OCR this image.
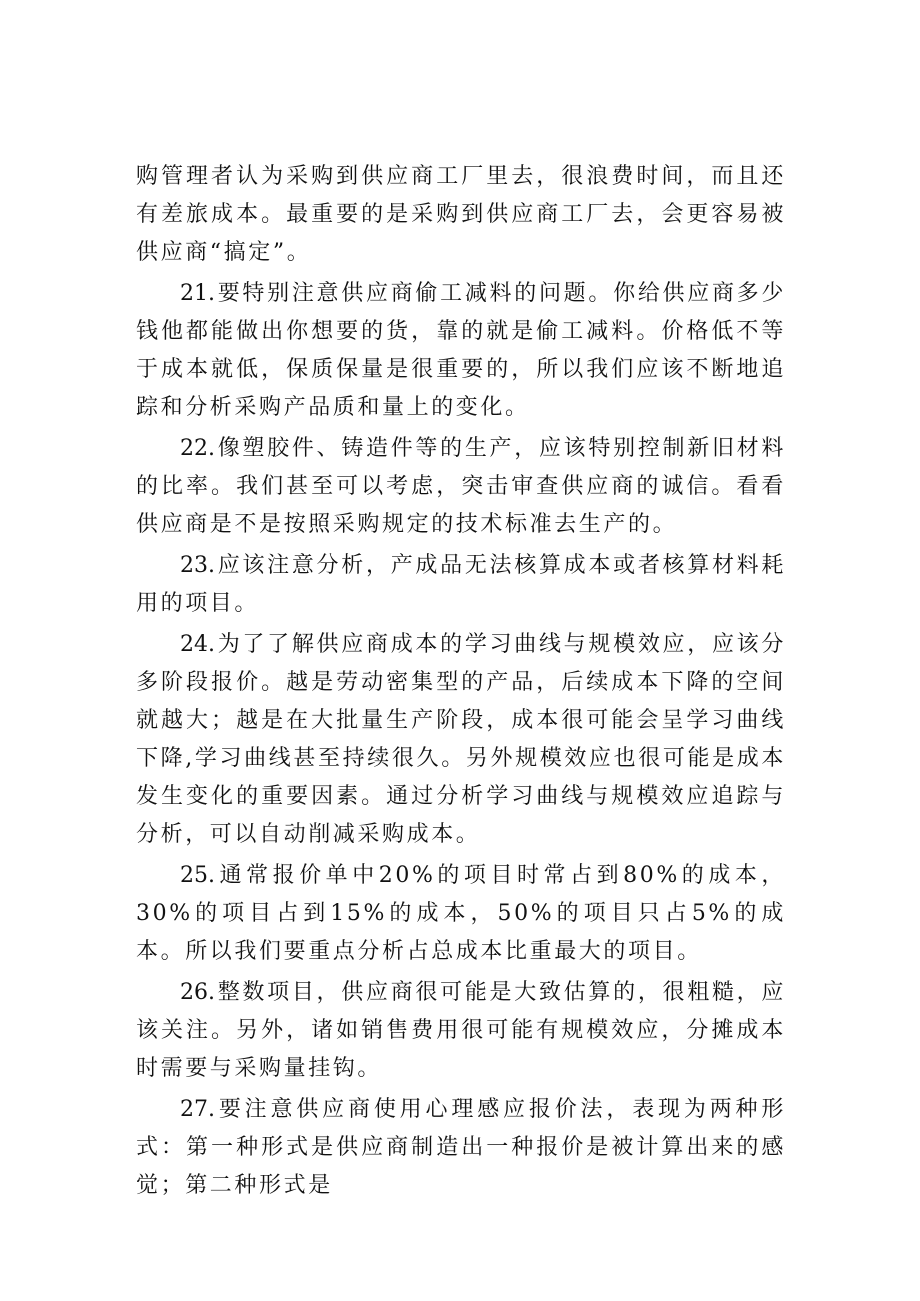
购管理者认为采购到供应商工厂里去，很浪费时间，而且还有差旅成本。最重要的是采购到供应商工厂去，会更容易被供应商“搞定”。

21.要特别注意供应商偷工减料的问题。你给供应商多少钱他都能做出你想要的货，靠的就是偷工减料。价格低不等于成本就低，保质保量是很重要的，所以我们应该不断地追踪和分析采购产品质和量上的变化。

22.像塑胶件、铸造件等的生产，应该特别控制新旧材料的比率。我们甚至可以考虑，突击审查供应商的诚信。看看供应商是不是按照采购规定的技术标准去生产的。

23.应该注意分析，产成品无法核算成本或者核算材料耗用的项目。

24.为了了解供应商成本的学习曲线与规模效应，应该分多阶段报价。越是劳动密集型的产品，后续成本下降的空间就越大；越是在大批量生产阶段，成本很可能会呈学习曲线下降,学习曲线甚至持续很久。另外规模效应也很可能是成本发生变化的重要因素。通过分析学习曲线与规模效应追踪与分析，可以自动削减采购成本。

25.通常报价单中20%的项目时常占到80%的成本，30%的项目占到15%的成本，50%的项目只占5%的成本。所以我们要重点分析占总成本比重最大的项目。

26.整数项目，供应商很可能是大致估算的，很粗糙，应该关注。另外，诸如销售费用很可能有规模效应，分摊成本时需要与采购量挂钩。

27.要注意供应商使用心理感应报价法，表现为两种形式：第一种形式是供应商制造出一种报价是被计算出来的感觉；第二种形式是
